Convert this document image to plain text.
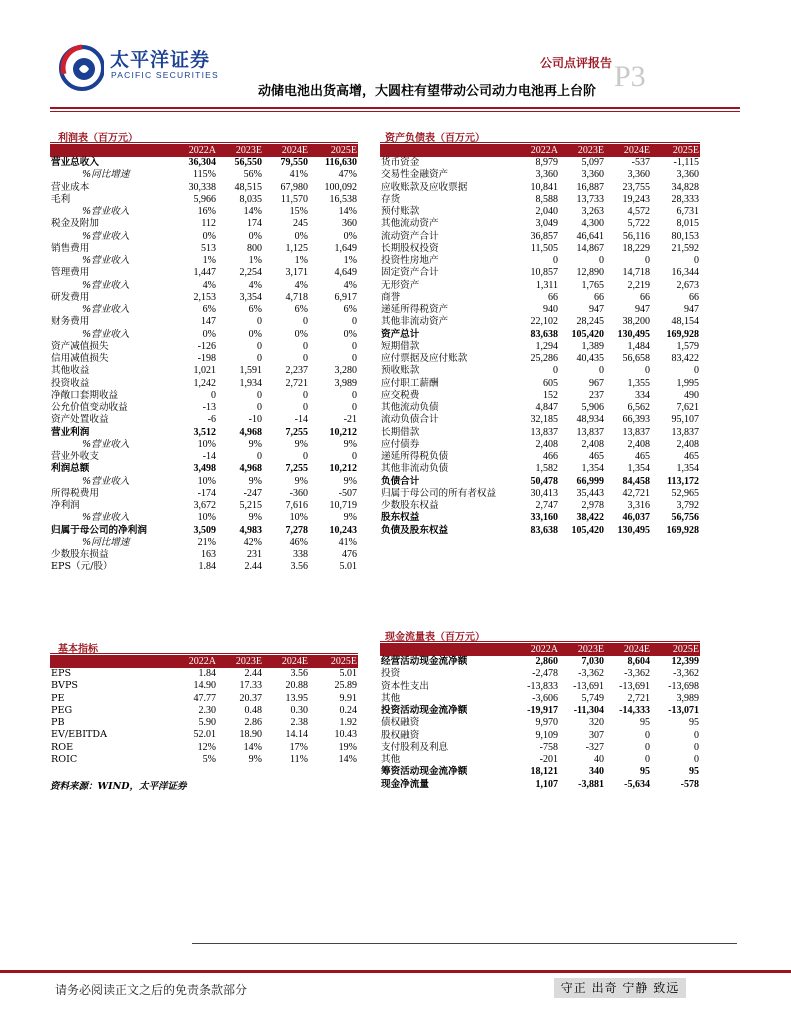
太平洋证券
PACIFIC SECURITIES
公司点评报告 P3
动储电池出货高增，大圆柱有望带动公司动力电池再上台阶
利润表（百万元）
	2022A	2023E	2024E	2025E
营业总收入	36,304	56,550	79,550	116,630
%同比增速	115%	56%	41%	47%
营业成本	30,338	48,515	67,980	100,092
毛利	5,966	8,035	11,570	16,538
%营业收入	16%	14%	15%	14%
税金及附加	112	174	245	360
%营业收入	0%	0%	0%	0%
销售费用	513	800	1,125	1,649
%营业收入	1%	1%	1%	1%
管理费用	1,447	2,254	3,171	4,649
%营业收入	4%	4%	4%	4%
研发费用	2,153	3,354	4,718	6,917
%营业收入	6%	6%	6%	6%
财务费用	147	0	0	0
%营业收入	0%	0%	0%	0%
资产减值损失	-126	0	0	0
信用减值损失	-198	0	0	0
其他收益	1,021	1,591	2,237	3,280
投资收益	1,242	1,934	2,721	3,989
净敞口套期收益	0	0	0	0
公允价值变动收益	-13	0	0	0
资产处置收益	-6	-10	-14	-21
营业利润	3,512	4,968	7,255	10,212
%营业收入	10%	9%	9%	9%
营业外收支	-14	0	0	0
利润总额	3,498	4,968	7,255	10,212
%营业收入	10%	9%	9%	9%
所得税费用	-174	-247	-360	-507
净利润	3,672	5,215	7,616	10,719
%营业收入	10%	9%	10%	9%
归属于母公司的净利润	3,509	4,983	7,278	10,243
%同比增速	21%	42%	46%	41%
少数股东损益	163	231	338	476
EPS（元/股）	1.84	2.44	3.56	5.01
基本指标
	2022A	2023E	2024E	2025E
EPS	1.84	2.44	3.56	5.01
BVPS	14.90	17.33	20.88	25.89
PE	47.77	20.37	13.95	9.91
PEG	2.30	0.48	0.30	0.24
PB	5.90	2.86	2.38	1.92
EV/EBITDA	52.01	18.90	14.14	10.43
ROE	12%	14%	17%	19%
ROIC	5%	9%	11%	14%
资产负债表（百万元）
	2022A	2023E	2024E	2025E
货币资金	8,979	5,097	-537	-1,115
交易性金融资产	3,360	3,360	3,360	3,360
应收账款及应收票据	10,841	16,887	23,755	34,828
存货	8,588	13,733	19,243	28,333
预付账款	2,040	3,263	4,572	6,731
其他流动资产	3,049	4,300	5,722	8,015
流动资产合计	36,857	46,641	56,116	80,153
长期股权投资	11,505	14,867	18,229	21,592
投资性房地产	0	0	0	0
固定资产合计	10,857	12,890	14,718	16,344
无形资产	1,311	1,765	2,219	2,673
商誉	66	66	66	66
递延所得税资产	940	947	947	947
其他非流动资产	22,102	28,245	38,200	48,154
资产总计	83,638	105,420	130,495	169,928
短期借款	1,294	1,389	1,484	1,579
应付票据及应付账款	25,286	40,435	56,658	83,422
预收账款	0	0	0	0
应付职工薪酬	605	967	1,355	1,995
应交税费	152	237	334	490
其他流动负债	4,847	5,906	6,562	7,621
流动负债合计	32,185	48,934	66,393	95,107
长期借款	13,837	13,837	13,837	13,837
应付债券	2,408	2,408	2,408	2,408
递延所得税负债	466	465	465	465
其他非流动负债	1,582	1,354	1,354	1,354
负债合计	50,478	66,999	84,458	113,172
归属于母公司的所有者权益	30,413	35,443	42,721	52,965
少数股东权益	2,747	2,978	3,316	3,792
股东权益	33,160	38,422	46,037	56,756
负债及股东权益	83,638	105,420	130,495	169,928
现金流量表（百万元）
	2022A	2023E	2024E	2025E
经营活动现金流净额	2,860	7,030	8,604	12,399
投资	-2,478	-3,362	-3,362	-3,362
资本性支出	-13,833	-13,691	-13,691	-13,698
其他	-3,606	5,749	2,721	3,989
投资活动现金流净额	-19,917	-11,304	-14,333	-13,071
债权融资	9,970	320	95	95
股权融资	9,109	307	0	0
支付股利及利息	-758	-327	0	0
其他	-201	40	0	0
筹资活动现金流净额	18,121	340	95	95
现金净流量	1,107	-3,881	-5,634	-578
资料来源：WIND，太平洋证券
请务必阅读正文之后的免责条款部分	守正 出奇 宁静 致远
